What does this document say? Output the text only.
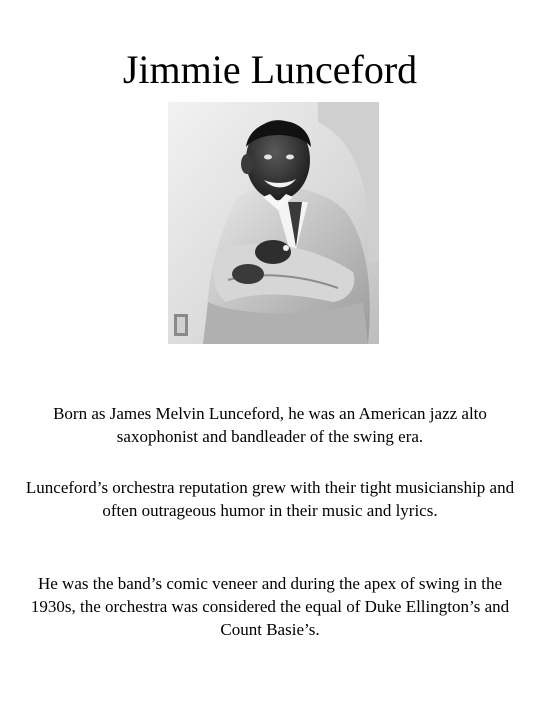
Jimmie Lunceford

Born as James Melvin Lunceford, he was an American jazz alto saxophonist and bandleader of the swing era.

Lunceford’s orchestra reputation grew with their tight musicianship and often outrageous humor in their music and lyrics.

He was the band’s comic veneer and during the apex of swing in the 1930s, the orchestra was considered the equal of Duke Ellington’s and Count Basie’s.
